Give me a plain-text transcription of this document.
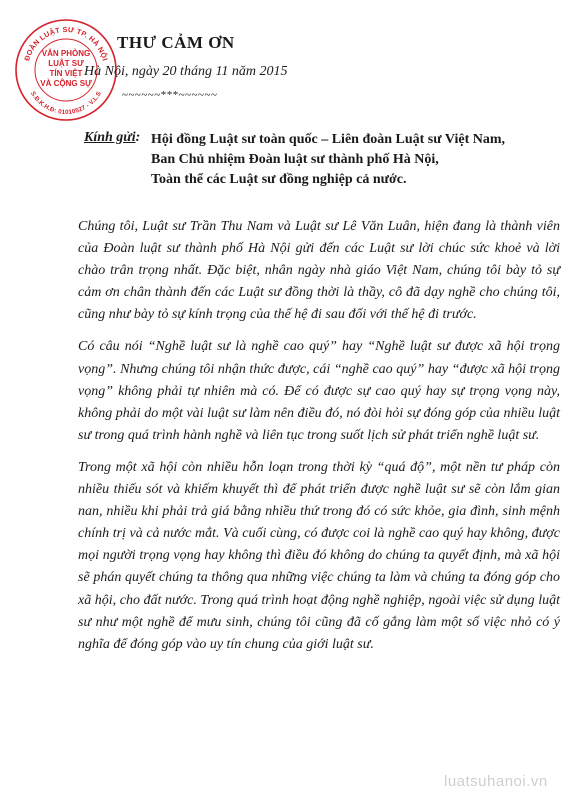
ĐOÀN LUẬT SƯ TP. HÀ NỘI
VĂN PHÒNG
LUẬT SƯ
TÍN VIỆT
VÀ CỘNG SỰ
S.Đ.K.H.Đ: 01010527 - V.L.S
THƯ CẢM ƠN
Hà Nội, ngày 20 tháng 11 năm 2015
~~~~~~***~~~~~~
Kính gửi: Hội đồng Luật sư toàn quốc – Liên đoàn Luật sư Việt Nam,
Ban Chủ nhiệm Đoàn luật sư thành phố Hà Nội,
Toàn thể các Luật sư đồng nghiệp cả nước.

Chúng tôi, Luật sư Trần Thu Nam và Luật sư Lê Văn Luân, hiện đang là thành viên của Đoàn luật sư thành phố Hà Nội gửi đến các Luật sư lời chúc sức khoẻ và lời chào trân trọng nhất. Đặc biệt, nhân ngày nhà giáo Việt Nam, chúng tôi bày tỏ sự cảm ơn chân thành đến các Luật sư đồng thời là thầy, cô đã dạy nghề cho chúng tôi, cũng như bày tỏ sự kính trọng của thế hệ đi sau đối với thế hệ đi trước.

Có câu nói “Nghề luật sư là nghề cao quý” hay “Nghề luật sư được xã hội trọng vọng”. Nhưng chúng tôi nhận thức được, cái “nghề cao quý” hay “được xã hội trọng vọng” không phải tự nhiên mà có. Để có được sự cao quý hay sự trọng vọng này, không phải do một vài luật sư làm nên điều đó, nó đòi hỏi sự đóng góp của nhiều luật sư trong quá trình hành nghề và liên tục trong suốt lịch sử phát triển nghề luật sư.

Trong một xã hội còn nhiều hỗn loạn trong thời kỳ “quá độ”, một nền tư pháp còn nhiều thiếu sót và khiếm khuyết thì để phát triển được nghề luật sư sẽ còn lắm gian nan, nhiều khi phải trả giá bằng nhiều thứ trong đó có sức khỏe, gia đình, sinh mệnh chính trị và cả nước mắt. Và cuối cùng, có được coi là nghề cao quý hay không, được mọi người trọng vọng hay không thì điều đó không do chúng ta quyết định, mà xã hội sẽ phán quyết chúng ta thông qua những việc chúng ta làm và chúng ta đóng góp cho xã hội, cho đất nước. Trong quá trình hoạt động nghề nghiệp, ngoài việc sử dụng luật sư như một nghề để mưu sinh, chúng tôi cũng đã cố gắng làm một số việc nhỏ có ý nghĩa để đóng góp vào uy tín chung của giới luật sư.

luatsuhanoi.vn
